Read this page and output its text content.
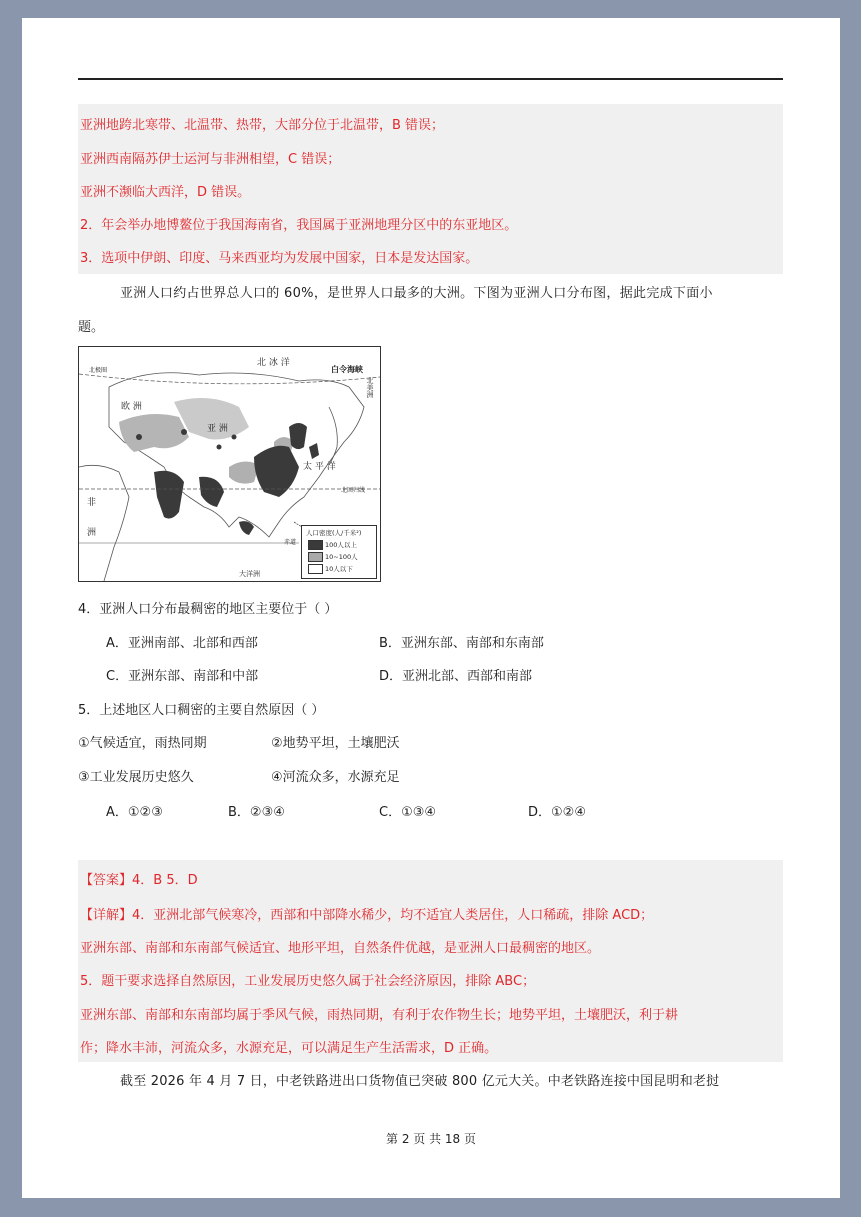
亚洲地跨北寒带、北温带、热带，大部分位于北温带，B 错误；
亚洲西南隔苏伊士运河与非洲相望，C 错误；
亚洲不濒临大西洋，D 错误。
2．年会举办地博鳌位于我国海南省，我国属于亚洲地理分区中的东亚地区。
3．选项中伊朗、印度、马来西亚均为发展中国家，日本是发达国家。
亚洲人口约占世界总人口的 60%，是世界人口最多的大洲。下图为亚洲人口分布图，据此完成下面小
题。
北 冰 洋
北极圈	白令海峡
北美洲
欧 洲
亚 洲
太 平 洋
非
洲
北回归线
赤道
大洋洲
人口密度(人/千米²)
100人以上
10~100人
10人以下
4．亚洲人口分布最稠密的地区主要位于（ ）
A．亚洲南部、北部和西部	B．亚洲东部、南部和东南部
C．亚洲东部、南部和中部	D．亚洲北部、西部和南部
5．上述地区人口稠密的主要自然原因（ ）
①气候适宜，雨热同期	②地势平坦，土壤肥沃
③工业发展历史悠久	④河流众多，水源充足
A．①②③	B．②③④	C．①③④	D．①②④
【答案】4．B 5．D
【详解】4．亚洲北部气候寒冷，西部和中部降水稀少，均不适宜人类居住，人口稀疏，排除 ACD；
亚洲东部、南部和东南部气候适宜、地形平坦，自然条件优越，是亚洲人口最稠密的地区。
5．题干要求选择自然原因，工业发展历史悠久属于社会经济原因，排除 ABC；
亚洲东部、南部和东南部均属于季风气候，雨热同期，有利于农作物生长；地势平坦，土壤肥沃，利于耕
作；降水丰沛，河流众多，水源充足，可以满足生产生活需求，D 正确。
截至 2026 年 4 月 7 日，中老铁路进出口货物值已突破 800 亿元大关。中老铁路连接中国昆明和老挝
第 2 页 共 18 页
